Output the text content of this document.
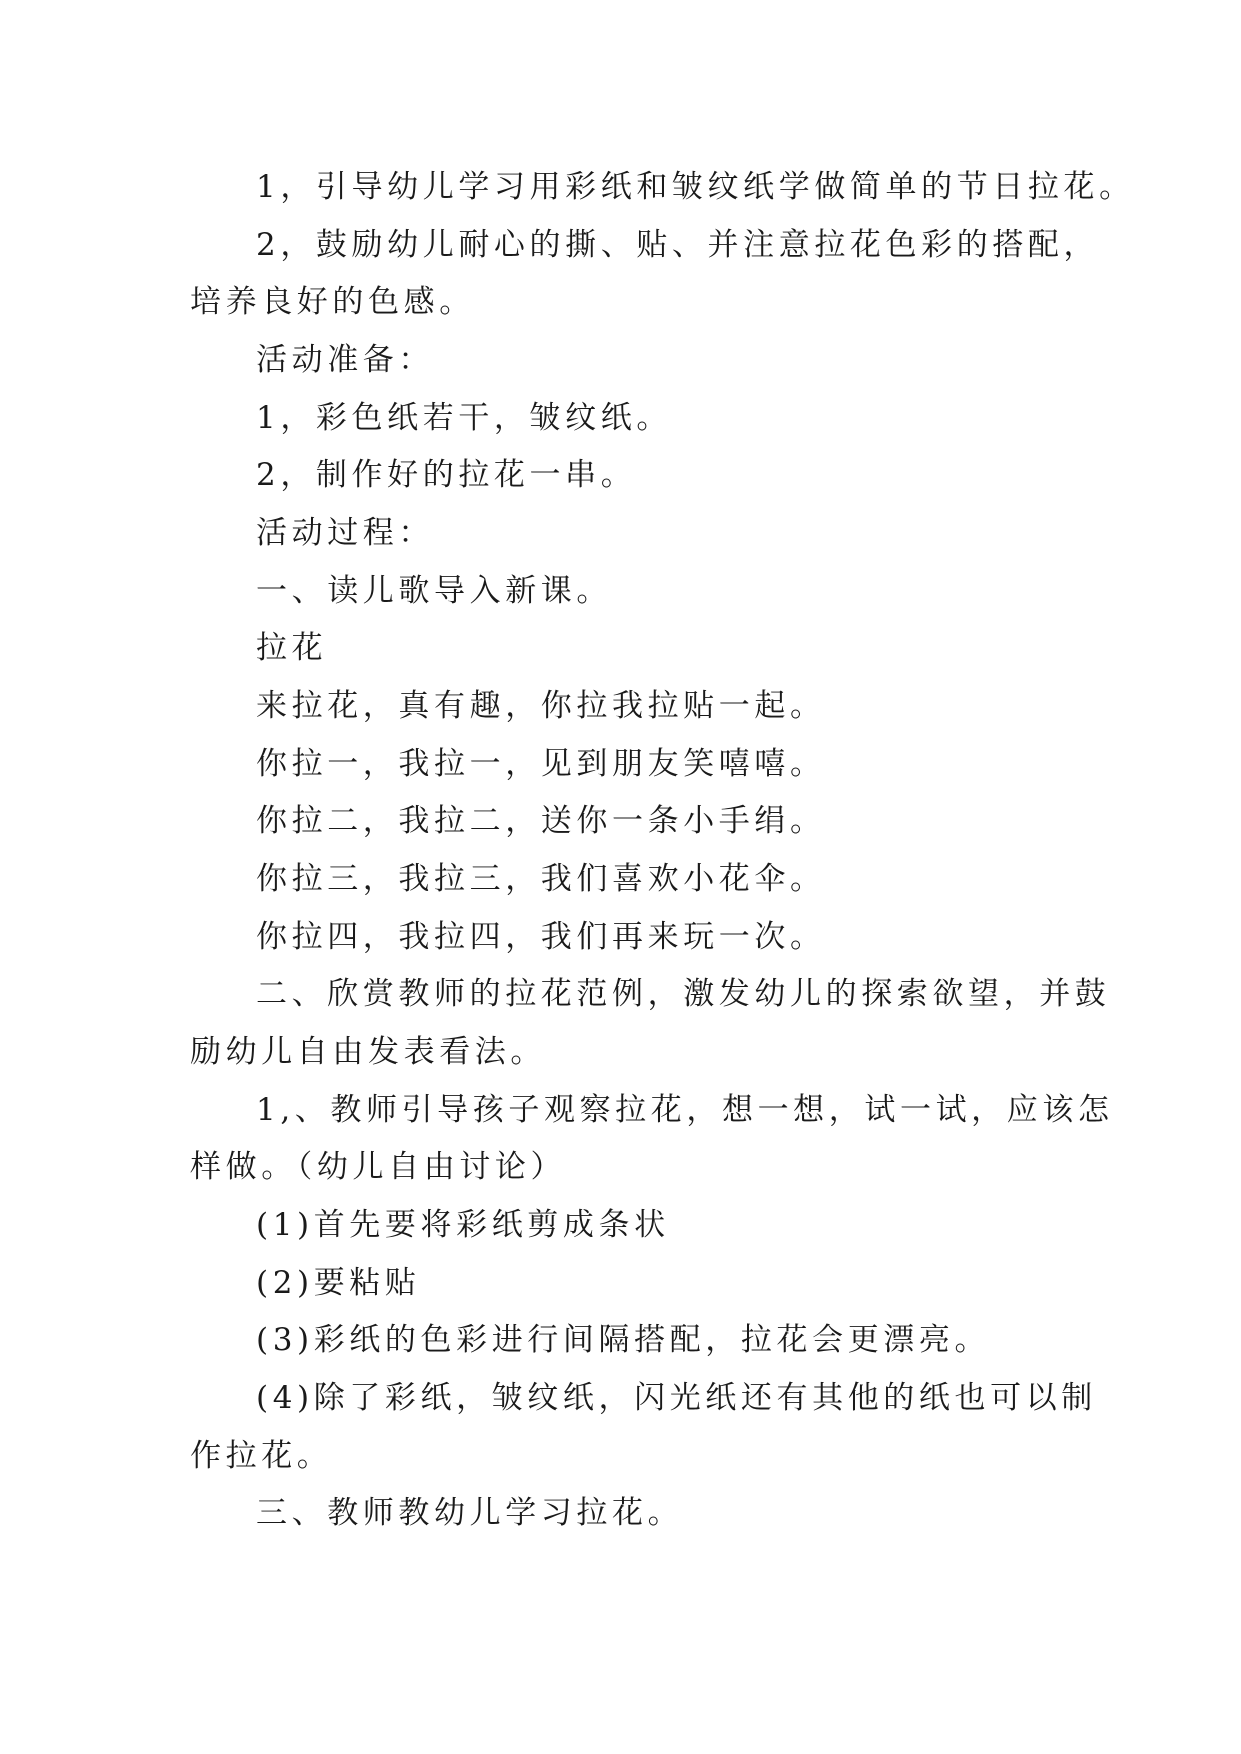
1，引导幼儿学习用彩纸和皱纹纸学做简单的节日拉花。
2，鼓励幼儿耐心的撕、贴、并注意拉花色彩的搭配，
培养良好的色感。
活动准备：
1，彩色纸若干，皱纹纸。
2，制作好的拉花一串。
活动过程：
一、读儿歌导入新课。
拉花
来拉花，真有趣，你拉我拉贴一起。
你拉一，我拉一，见到朋友笑嘻嘻。
你拉二，我拉二，送你一条小手绢。
你拉三，我拉三，我们喜欢小花伞。
你拉四，我拉四，我们再来玩一次。
二、欣赏教师的拉花范例，激发幼儿的探索欲望，并鼓
励幼儿自由发表看法。
1,、教师引导孩子观察拉花，想一想，试一试，应该怎
样做。（幼儿自由讨论）
(1)首先要将彩纸剪成条状
(2)要粘贴
(3)彩纸的色彩进行间隔搭配，拉花会更漂亮。
(4)除了彩纸，皱纹纸，闪光纸还有其他的纸也可以制
作拉花。
三、教师教幼儿学习拉花。
